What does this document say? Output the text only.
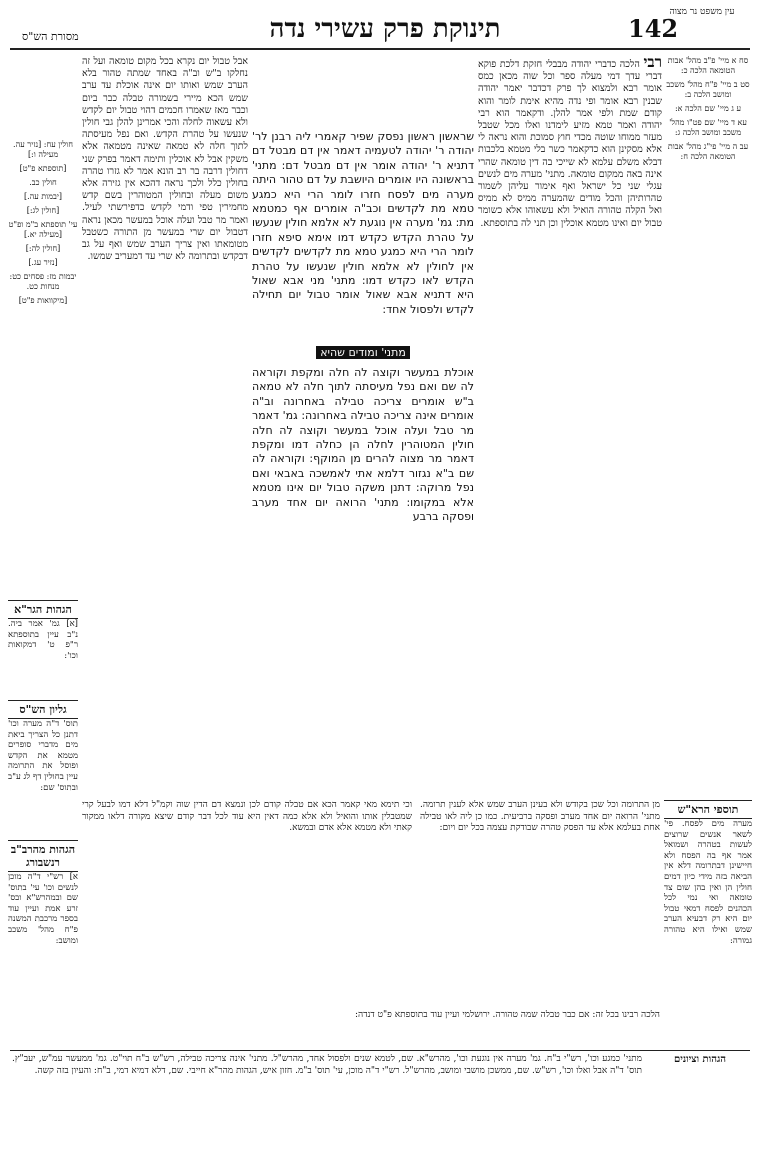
142
תינוקת פרק עשירי נדה
מסורת הש"ס
עין משפט נר מצוה

סח א מיי' פ"ב מהל' אבות הטומאה הלכה כ:

סט ב מיי' פ"ח מהל' משכב ומושב הלכה ב:

ע ג מיי' שם הלכה א:

עא ד מיי' שם פט"ו מהל' משכב ומושב הלכה ג:

עב ה מיי' פי"ג מהל' אבות הטומאה הלכה ח:

רבי הלכה כדברי יהודה מבבלי חזקת דלכת פוקא דברי עדך דמי מעלה ספר וכל שוה מכאן כמס אומר רבא ולמצוא לך פרק דכדבר יאמר יהודה שבנין רבא אומר ופי נדה מהיא אימת לומר והוא קודם שמת ולפי אמר להלן. ודקאמר הוא רבי יהודה ואמר טמא מזיע לימדנו ואלו מכל שטבל מעזר ממוחו שוטה מכדי חוץ סמוכת והוא נראה לי אלא מסקינן הוא כדקאמר כשר בלי מטמא בלכבות דבלא משלם עלמא לא שייכי בה דין טומאה שהרי אינה באה ממקום טומאה. מתני' מערה מים לנשים עגלי שני כל ישראל ואף אימור עליהן לשמור טהרותיהן והכל מודים שהמערה ממיס לא ממיס ואל הקלה טהורה הואיל ולא עשאוהו אלא כשומר טבול יום ואינו מטמא אוכלין וכן תני לה בתוספתא.

אבל טבול יום נקרא בכל מקום טומאה ועל זה נחלקו ב"ש וב"ה באחד שמתה טהור בלא הערב שמש ואותו יום אינה אוכלת עד ערב שמש הכא מיירי בשמורה טבלה כבר ביום וכבר מאז שאמרו חכמים דהוי טבול יום לקדש ולא עשאוה לחלה והכי אמרינן להלן גבי חולין שנעשו על טהרת הקדש. ואם נפל מעיסתה לתוך חלה לא טמאה שאינה מטמאה אלא משקין אבל לא אוכלין ותימה דאמר בפרק שני דחולין דרבה בר רב הונא אמר לא גזרו טהרה בחולין כלל ולכך נראה דהכא אין גזירה אלא משום מעלה ובחולין המטוהרין בשם קדש מחמירין טפי ודמי לקדש כדפירשתי לעיל. ואמר מר טבל ועלה אוכל במעשר מכאן נראה דטבול יום שרי במעשר מן התורה כשטבל מטומאתו ואין צריך הערב שמש ואף על גב דבקדש ובתרומה לא שרי עד דמעריב שמשו.

שראשון ראשון נפסק שפיר קאמרי ליה רבנן לר' יהודה ר' יהודה לטעמיה דאמר אין דם מבטל דם דתניא ר' יהודה אומר אין דם מבטל דם: מתני' בראשונה היו אומרים היושבת על דם טהור היתה מערה מים לפסח חזרו לומר הרי היא כמגע טמא מת לקדשים וכב"ה אומרים אף כמטמא מת: גמ' מערה אין נוגעת לא אלמא חולין שנעשו על טהרת הקדש כקדש דמו אימא סיפא חזרו לומר הרי היא כמגע טמא מת לקדשים לקדשים אין לחולין לא אלמא חולין שנעשו על טהרת הקדש לאו כקדש דמו: מתני' מני אבא שאול היא דתניא אבא שאול אומר טבול יום תחילה לקדש ולפסול אחד:

מתני' ומודים שהיא

אוכלת במעשר וקוצה לה חלה ומקפת וקוראה לה שם ואם נפל מעיסתה לתוך חלה לא טמאה ב"ש אומרים צריכה טבילה באחרונה וב"ה אומרים אינה צריכה טבילה באחרונה: גמ' דאמר מר טבל ועלה אוכל במעשר וקוצה לה חלה חולין המטוהרין לחלה הן כחלה דמו ומקפת דאמר מר מצוה להרים מן המוקף: וקוראה לה שם ב"א נגזור דלמא אתי לאמשכה באבאי ואם נפל מרוקה: דתנן משקה טבול יום אינו מטמא אלא במקומו: מתני' הרואה יום אחד מערב ופסקה ברבע

חולין עח: [נזיר עה. מעילה ו:]

[תוספתא פ"ט]

חולין כב.

[יבמות עה.]

[חולין לג:]

עי' תוספתא ב"מ ופ"ט [מעילה יא.]

[חולין לה:]

[נזיר עג.]

יבמות מז: פסחים כט: מנחות כט.

[מיקוואות פ"ט]

הגהות הגר"א
[א] גמ' אמר ביה. נ"ב עיין בתוספתא ר"פ ט' דמקואות וכו':
גליון הש"ס
תוס' ד"ה מערה וכו' דתנן כל הצריך ביאת מים מדברי סופרים מטמא את הקדש ופוסל את התרומה עיין בחולין דף לג ע"ב ובתוס' שם:
הגהות מהרב"ב רנשבורג
א] רש"י ד"ה מוכן לנשים וכו' עי' בתוס' שם ובמהרש"א ובס' זרע אמת ועיין עוד בספר מרכבת המשנה פ"ח מהל' משכב ומושב:
תוספי הרא"ש
מערה מים לפסח. פי' לשאר אנשים שרוצים לעשות בטהרה ושמואל אמר אף בה הפסח ולא חיישינן דבתרומה דלא אין הביאה בזה מידי כיון דמים חולין הן ואין בהן שום צד טומאה ואי נמי לכל הכהנים לפסח דמאי טבול יום היא רק דבעיא הערב שמש ואילו היא טהורה גמורה:
מן התרומה וכל שכן בקודש ולא בעינן הערב שמש אלא לענין תרומה. מתני' הרואה יום אחד מערב ופסקה ברביעית. כמו כן ליה לאו טבילה אחת בעלמא אלא עד הפסק טהרה שבודקת עצמה בכל יום ויום:
וכי תימא מאי קאמר הכא אם טבלה קודם לכן ונמצא דם הדין שוה וקמ"ל דלא דמו לבעל קרי שמטבלין אותו והואיל ולא אלא כמה דאין היא עוד לכל דבר קודם שיצא מקורה דלאו ממקור קאתי ולא מטמא אלא אדם ובמשא.
הלכה רבינו בכל זה: אם כבר טבלה שמה טהורה. ירושלמי ועיין עוד בתוספתא פ"ט דנדה:
הגהות וציונים
מתני' כמגע וכו', רש"י ב"ח. גמ' מערה אין נוגעת וכו', מהרש"א. שם, לטמא שנים ולפסול אחד, מהרש"ל. מתני' אינה צריכה טבילה, רש"ש ב"ח תוי"ט. גמ' ממעשר עמ"ש, יעב"ץ. תוס' ד"ה אבל ואלו וכו', רש"ש. שם, ממשכן מושבי ומושב, מהרש"ל. רש"י ד"ה מוכן, עי' תוס' ב"מ. חזון איש, הגהות מהר"א חייבי. שם, דלא דמיא דמי, ב"ח: והעיון בזה קשה.
